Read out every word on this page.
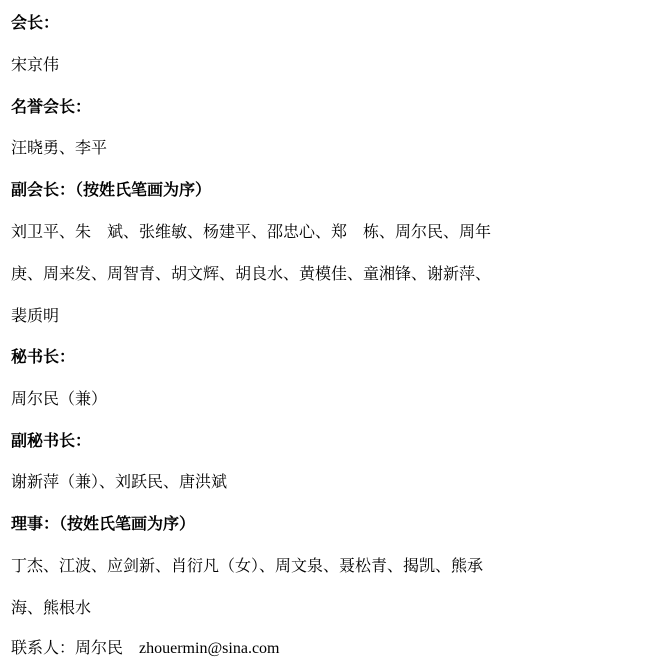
会长：
宋京伟
名誉会长：
汪晓勇、李平
副会长：（按姓氏笔画为序）
刘卫平、朱　斌、张维敏、杨建平、邵忠心、郑　栋、周尔民、周年
庚、周来发、周智青、胡文辉、胡良水、黄模佳、童湘锋、谢新萍、
裴质明
秘书长：
周尔民（兼）
副秘书长：
谢新萍（兼）、刘跃民、唐洪斌
理事：（按姓氏笔画为序）
丁杰、江波、应剑新、肖衍凡（女）、周文泉、聂松青、揭凯、熊承
海、熊根水
联系人：周尔民 zhouermin@sina.com
